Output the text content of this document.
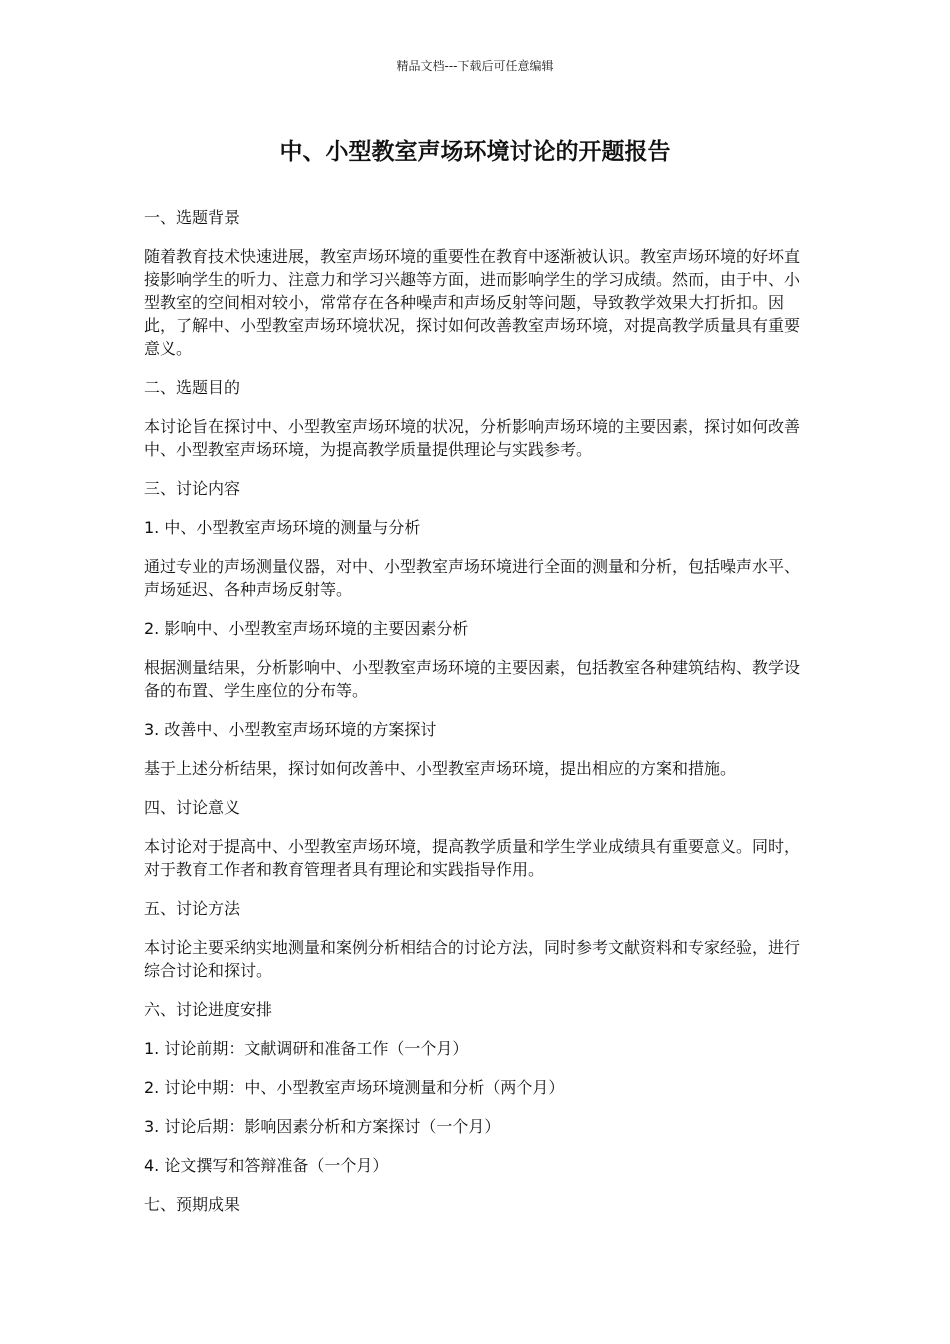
精品文档---下载后可任意编辑
中、小型教室声场环境讨论的开题报告

一、选题背景

随着教育技术快速进展，教室声场环境的重要性在教育中逐渐被认识。教室声场环境的好坏直接影响学生的听力、注意力和学习兴趣等方面，进而影响学生的学习成绩。然而，由于中、小型教室的空间相对较小，常常存在各种噪声和声场反射等问题，导致教学效果大打折扣。因此，了解中、小型教室声场环境状况，探讨如何改善教室声场环境，对提高教学质量具有重要意义。

二、选题目的

本讨论旨在探讨中、小型教室声场环境的状况，分析影响声场环境的主要因素，探讨如何改善中、小型教室声场环境，为提高教学质量提供理论与实践参考。

三、讨论内容

1. 中、小型教室声场环境的测量与分析

通过专业的声场测量仪器，对中、小型教室声场环境进行全面的测量和分析，包括噪声水平、声场延迟、各种声场反射等。

2. 影响中、小型教室声场环境的主要因素分析

根据测量结果，分析影响中、小型教室声场环境的主要因素，包括教室各种建筑结构、教学设备的布置、学生座位的分布等。

3. 改善中、小型教室声场环境的方案探讨

基于上述分析结果，探讨如何改善中、小型教室声场环境，提出相应的方案和措施。

四、讨论意义

本讨论对于提高中、小型教室声场环境，提高教学质量和学生学业成绩具有重要意义。同时，对于教育工作者和教育管理者具有理论和实践指导作用。

五、讨论方法

本讨论主要采纳实地测量和案例分析相结合的讨论方法，同时参考文献资料和专家经验，进行综合讨论和探讨。

六、讨论进度安排

1. 讨论前期：文献调研和准备工作（一个月）

2. 讨论中期：中、小型教室声场环境测量和分析（两个月）

3. 讨论后期：影响因素分析和方案探讨（一个月）

4. 论文撰写和答辩准备（一个月）

七、预期成果
